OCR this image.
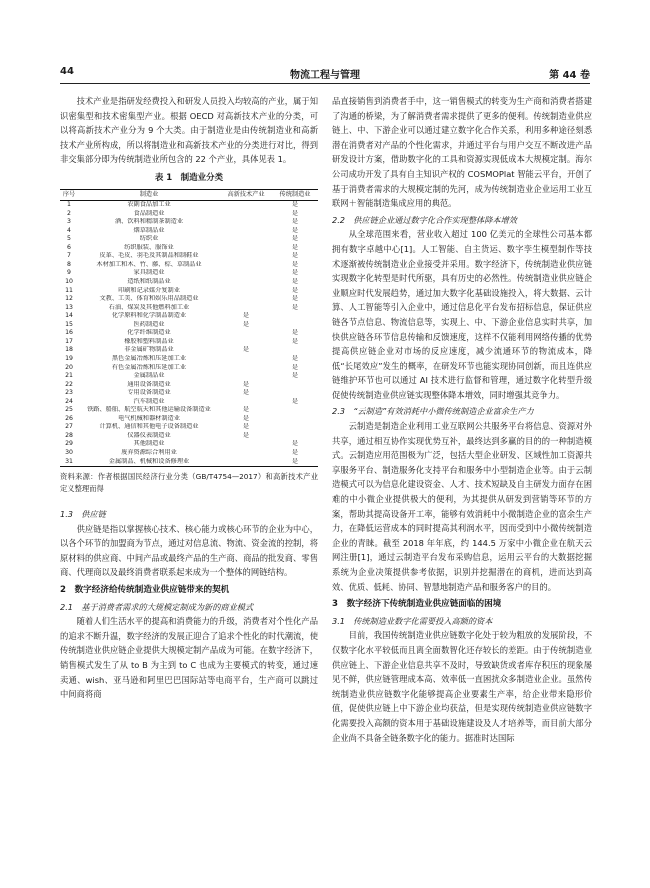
44	物流工程与管理	第 44 卷

技术产业是指研发经费投入和研发人员投入均较高的产业，属于知识密集型和技术密集型产业。根据 OECD 对高新技术产业的分类，可以将高新技术产业分为 9 个大类。由于制造业是由传统制造业和高新技术产业所构成，所以将制造业和高新技术产业的分类进行对比，得到非交集部分即为传统制造业所包含的 22 个产业，具体见表 1。

表 1　制造业分类
序号	制造业	高新技术产业	传统制造业
1	农副食品加工业		是
2	食品制造业		是
3	酒、饮料和精制茶制造业		是
4	烟草制品业		是
5	纺织业		是
6	纺织服装、服饰业		是
7	皮革、毛皮、羽毛及其制品和制鞋业		是
8	木材加工和木、竹、藤、棕、草制品业		是
9	家具制造业		是
10	造纸和纸制品业		是
11	印刷和记录媒介复制业		是
12	文教、工美、体育和娱乐用品制造业		是
13	石油、煤炭及其他燃料加工业		是
14	化学原料和化学制品制造业	是	
15	医药制造业	是	
16	化学纤维制造业		是
17	橡胶和塑料制品业		是
18	非金属矿物制品业	是	
19	黑色金属冶炼和压延加工业		是
20	有色金属冶炼和压延加工业		是
21	金属制品业		是
22	通用设备制造业	是	
23	专用设备制造业	是	
24	汽车制造业		是
25	铁路、船舶、航空航天和其他运输设备制造业	是	
26	电气机械和器材制造业	是	
27	计算机、通信和其他电子设备制造业	是	
28	仪器仪表制造业	是	
29	其他制造业		是
30	废弃资源综合利用业		是
31	金属制品、机械和设备修理业		是

资料来源：作者根据国民经济行业分类（GB/T4754—2017）和高新技术产业定义整理而得

1.3　供应链

供应链是指以掌握核心技术、核心能力或核心环节的企业为中心，以各个环节的加盟商为节点，通过对信息流、物流、资金流的控制，将原材料的供应商、中间产品或最终产品的生产商、商品的批发商、零售商、代理商以及最终消费者联系起来成为一个整体的网链结构。

2　数字经济给传统制造业供应链带来的契机
2.1　基于消费者需求的大规模定制成为新的商业模式

随着人们生活水平的提高和消费能力的升级，消费者对个性化产品的追求不断升温，数字经济的发展正迎合了追求个性化的时代潮流，使传统制造业供应链企业提供大规模定制产品成为可能。在数字经济下，销售模式发生了从 to B 为主到 to C 也成为主要模式的转变，通过速卖通、wish、亚马逊和阿里巴巴国际站等电商平台，生产商可以跳过中间商将商

品直接销售到消费者手中，这一销售模式的转变为生产商和消费者搭建了沟通的桥梁，为了解消费者需求提供了更多的便利。传统制造业供应链上、中、下游企业可以通过建立数字化合作关系，利用多种途径刻悉潜在消费者对产品的个性化需求，并通过平台与用户交互不断改进产品研发设计方案，借助数字化的工具和资源实现低成本大规模定制。海尔公司成功开发了具有自主知识产权的 COSMOPlat 智能云平台，开创了基于消费者需求的大规模定制的先河，成为传统制造业企业运用工业互联网＋智能制造集成应用的典范。

2.2　供应链企业通过数字化合作实现整体降本增效

从全球范围来看，营业收入超过 100 亿美元的全球性公司基本都拥有数字卓越中心[1]。人工智能、自主货运、数字孪生模型制作等技术逐渐被传统制造业企业接受并采用。数字经济下，传统制造业供应链实现数字化转型是时代所驱，具有历史的必然性。传统制造业供应链企业顺应时代发展趋势，通过加大数字化基础设施投入，将大数据、云计算、人工智能等引入企业中，通过信息化平台发布招标信息，保证供应链各节点信息、物流信息等，实现上、中、下游企业信息实时共享，加快供应链各环节信息传输和反馈速度，这样不仅能利用网络传播的优势提高供应链企业对市场的反应速度，减少流通环节的物流成本，降低“长尾效应”发生的概率，在研发环节也能实现协同创新，而且连供应链维护环节也可以通过 AI 技术进行监督和管理，通过数字化转型升级促使传统制造业供应链实现整体降本增效，同时增强其竞争力。

2.3　“云制造”有效消耗中小微传统制造企业富余生产力

云制造是制造企业利用工业互联网公共服务平台将信息、资源对外共享，通过相互协作实现优势互补，最终达到多赢的目的的一种制造模式。云制造应用范围极为广泛，包括大型企业研发、区域性加工资源共享服务平台、制造服务化支持平台和服务中小型制造企业等。由于云制造模式可以为信息化建设资金、人才、技术短缺及自主研发力面存在困难的中小微企业提供极大的便利，为其提供从研发到营销等环节的方案，帮助其提高设备开工率，能够有效消耗中小微制造企业的富余生产力，在降低运营成本的同时提高其利润水平，因而受到中小微传统制造企业的青睐。截至 2018 年年底，约 144.5 万家中小微企业在航天云网注册[1]，通过云制造平台发布采购信息，运用云平台的大数据挖掘系统为企业决策提供参考依据，识别并挖掘潜在的商机，进而达到高效、优质、低耗、协同、智慧地制造产品和服务客户的目的。

3　数字经济下传统制造业供应链面临的困境
3.1　传统制造业数字化需要投入高额的资本

目前，我国传统制造业供应链数字化处于较为粗放的发展阶段，不仅数字化水平较低而且离全面数智化还存较长的差距。由于传统制造业供应链上、下游企业信息共享不及时，导致缺货或者库存积压的现象屡见不鲜，供应链管理成本高、效率低一直困扰众多制造业企业。虽然传统制造业供应链数字化能够提高企业要素生产率，给企业带来隐形价值，促使供应链上中下游企业均获益，但是实现传统制造业供应链数字化需要投入高额的资本用于基础设施建设及人才培养等，而目前大部分企业尚不具备全链条数字化的能力。据准时达国际
